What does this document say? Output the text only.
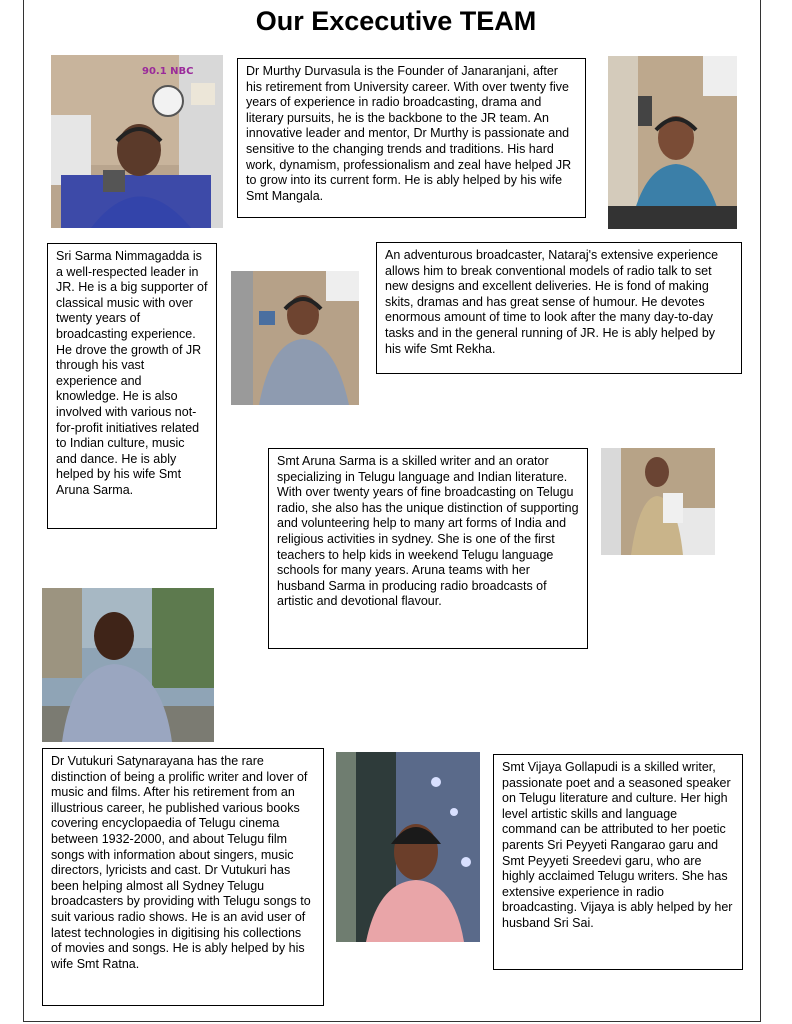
Our Excecutive TEAM
90.1 NBC	Dr Murthy Durvasula is the Founder of Janaranjani, after his retirement from University career. With over twenty five years of experience in radio broadcasting, drama and literary pursuits, he is the backbone to the JR team. An innovative leader and mentor, Dr Murthy is passionate and sensitive to the changing trends and traditions. His hard work, dynamism, professionalism and zeal have helped JR to grow into its current form. He is ably helped by his wife Smt Mangala.
Sri Sarma Nimmagadda is a well-respected leader in JR. He is a big supporter of classical music with over twenty years of broadcasting experience. He drove the growth of JR through his vast experience and knowledge. He is also involved with various not-for-profit initiatives related to Indian culture, music and dance. He is ably helped by his wife Smt Aruna Sarma.
An adventurous broadcaster, Nataraj's extensive experience allows him to break conventional models of radio talk to set new designs and excellent deliveries. He is fond of making skits, dramas and has great sense of humour. He devotes enormous amount of time to look after the many day-to-day tasks and in the general running of JR. He is ably helped by his wife Smt Rekha.
Smt Aruna Sarma is a skilled writer and an orator specializing in Telugu language and Indian literature. With over twenty years of fine broadcasting on Telugu radio, she also has the unique distinction of supporting and volunteering help to many art forms of India and religious activities in sydney. She is one of the first teachers to help kids in weekend Telugu language schools for many years. Aruna teams with her husband Sarma in producing radio broadcasts of artistic and devotional flavour.
Dr Vutukuri Satynarayana has the rare distinction of being a prolific writer and lover of music and films. After his retirement from an illustrious career, he published various books covering encyclopaedia of Telugu cinema between 1932-2000, and about Telugu film songs with information about singers, music directors, lyricists and cast. Dr Vutukuri has been helping almost all Sydney Telugu broadcasters by providing with Telugu songs to suit various radio shows. He is an avid user of latest technologies in digitising his collections of movies and songs. He is ably helped by his wife Smt Ratna.
Smt Vijaya Gollapudi is a skilled writer, passionate poet and a seasoned speaker on Telugu literature and culture. Her high level artistic skills and language command can be attributed to her poetic parents Sri Peyyeti Rangarao garu and Smt Peyyeti Sreedevi garu, who are highly acclaimed Telugu writers. She has extensive experience in radio broadcasting. Vijaya is ably helped by her husband Sri Sai.
